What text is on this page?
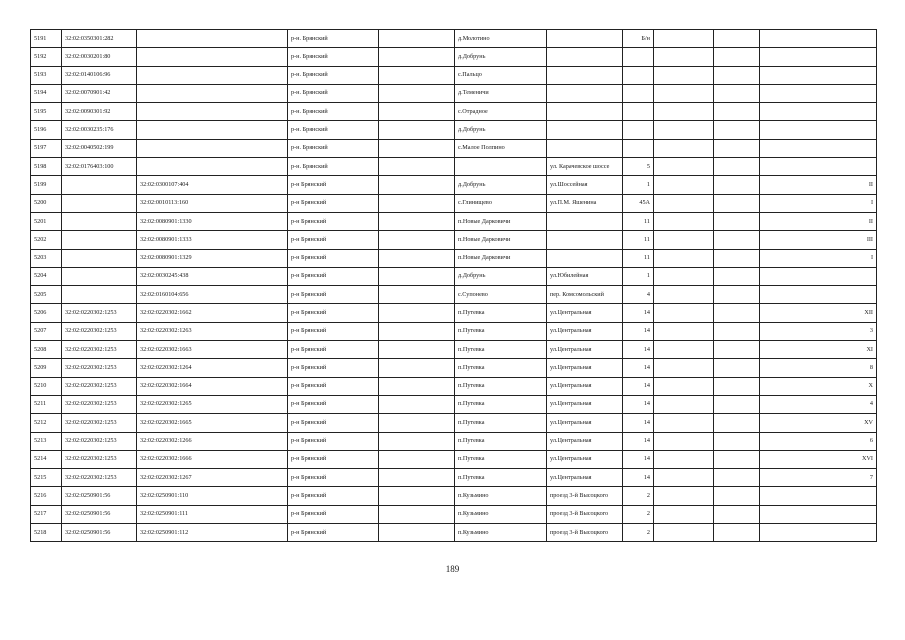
5191	32:02:0350301:282		р-н. Брянский		д.Молотино		Б/н			
5192	32:02:0030201:80		р-н. Брянский		д.Добрунь					
5193	32:02:0140106:96		р-н. Брянский		с.Пальцо					
5194	32:02:0070901:42		р-н. Брянский		д.Теменичи					
5195	32:02:0090301:92		р-н. Брянский		с.Отрадное					
5196	32:02:0030235:176		р-н. Брянский		д.Добрунь					
5197	32:02:0040502:199		р-н. Брянский		с.Малое Полпино					
5198	32:02:0176403:100		р-н. Брянский			ул. Карачевское шоссе	5			
5199		32:02:0300107:404	р-н Брянский		д.Добрунь	ул.Шоссейная	1			II
5200		32:02:0010113:160	р-н Брянский		с.Глинищево	ул.П.М. Яшенина	45А			I
5201		32:02:0080901:1330	р-н Брянский		п.Новые Дарковичи		11			II
5202		32:02:0080901:1333	р-н Брянский		п.Новые Дарковичи		11			III
5203		32:02:0080901:1329	р-н Брянский		п.Новые Дарковичи		11			I
5204		32:02:0030245:438	р-н Брянский		д.Добрунь	ул.Юбилейная	1			
5205		32:02:0160104:656	р-н Брянский		с.Супонево	пер. Комсомольский	4			
5206	32:02:0220302:1253	32:02:0220302:1662	р-н Брянский		п.Путевка	ул.Центральная	14			XII
5207	32:02:0220302:1253	32:02:0220302:1263	р-н Брянский		п.Путевка	ул.Центральная	14			3
5208	32:02:0220302:1253	32:02:0220302:1663	р-н Брянский		п.Путевка	ул.Центральная	14			XI
5209	32:02:0220302:1253	32:02:0220302:1264	р-н Брянский		п.Путевка	ул.Центральная	14			8
5210	32:02:0220302:1253	32:02:0220302:1664	р-н Брянский		п.Путевка	ул.Центральная	14			X
5211	32:02:0220302:1253	32:02:0220302:1265	р-н Брянский		п.Путевка	ул.Центральная	14			4
5212	32:02:0220302:1253	32:02:0220302:1665	р-н Брянский		п.Путевка	ул.Центральная	14			XV
5213	32:02:0220302:1253	32:02:0220302:1266	р-н Брянский		п.Путевка	ул.Центральная	14			6
5214	32:02:0220302:1253	32:02:0220302:1666	р-н Брянский		п.Путевка	ул.Центральная	14			XVI
5215	32:02:0220302:1253	32:02:0220302:1267	р-н Брянский		п.Путевка	ул.Центральная	14			7
5216	32:02:0250901:56	32:02:0250901:110	р-н Брянский		п.Кузьмино	проезд 3-й Высоцкого	2			
5217	32:02:0250901:56	32:02:0250901:111	р-н Брянский		п.Кузьмино	проезд 3-й Высоцкого	2			
5218	32:02:0250901:56	32:02:0250901:112	р-н Брянский		п.Кузьмино	проезд 3-й Высоцкого	2			
189
